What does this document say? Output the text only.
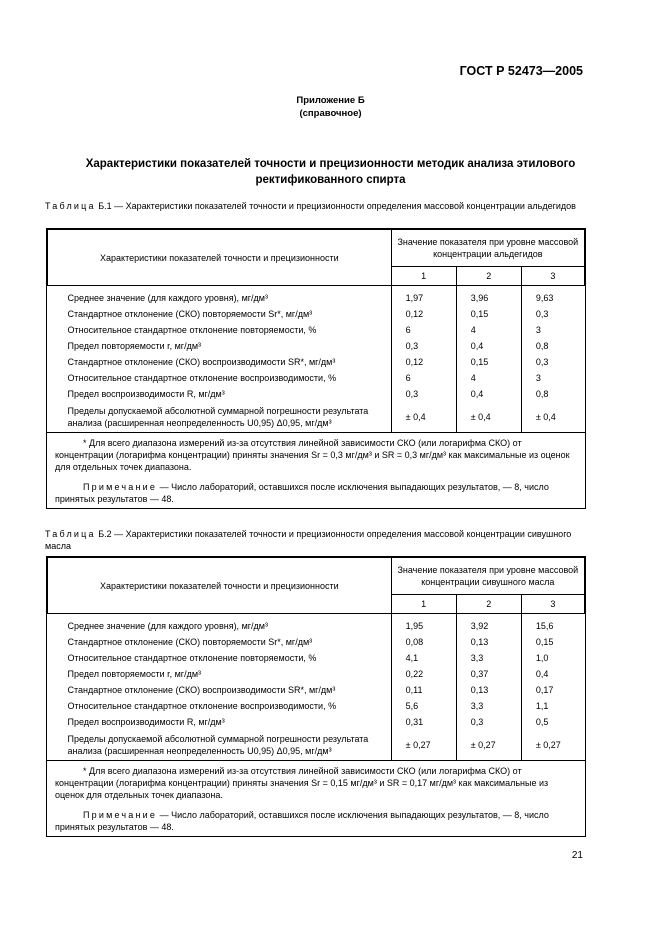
ГОСТ Р 52473—2005
Приложение Б
(справочное)
Характеристики показателей точности и прецизионности методик анализа этилового ректификованного спирта
Таблица Б.1 — Характеристики показателей точности и прецизионности определения массовой концентрации альдегидов
Характеристики показателей точности и прецизионности	Значение показателя при уровне массовой концентрации альдегидов		
	1	2	3
Среднее значение (для каждого уровня), мг/дм³	1,97	3,96	9,63
Стандартное отклонение (СКО) повторяемости Sr*, мг/дм³	0,12	0,15	0,3
Относительное стандартное отклонение повторяемости, %	6	4	3
Предел повторяемости r, мг/дм³	0,3	0,4	0,8
Стандартное отклонение (СКО) воспроизводимости SR*, мг/дм³	0,12	0,15	0,3
Относительное стандартное отклонение воспроизводимости, %	6	4	3
Предел воспроизводимости R, мг/дм³	0,3	0,4	0,8
Пределы допускаемой абсолютной суммарной погрешности результата анализа (расширенная неопределенность U0,95) Δ0,95, мг/дм³	± 0,4	± 0,4	± 0,4

* Для всего диапазона измерений из-за отсутствия линейной зависимости СКО (или логарифма СКО) от концентрации (логарифма концентрации) приняты значения Sr = 0,3 мг/дм³ и SR = 0,3 мг/дм³ как максимальные из оценок для отдельных точек диапазона.

Примечание — Число лабораторий, оставшихся после исключения выпадающих результатов, — 8, число принятых результатов — 48.

Таблица Б.2 — Характеристики показателей точности и прецизионности определения массовой концентрации сивушного масла
Характеристики показателей точности и прецизионности	Значение показателя при уровне массовой концентрации сивушного масла		
	1	2	3
Среднее значение (для каждого уровня), мг/дм³	1,95	3,92	15,6
Стандартное отклонение (СКО) повторяемости Sr*, мг/дм³	0,08	0,13	0,15
Относительное стандартное отклонение повторяемости, %	4,1	3,3	1,0
Предел повторяемости r, мг/дм³	0,22	0,37	0,4
Стандартное отклонение (СКО) воспроизводимости SR*, мг/дм³	0,11	0,13	0,17
Относительное стандартное отклонение воспроизводимости, %	5,6	3,3	1,1
Предел воспроизводимости R, мг/дм³	0,31	0,3	0,5
Пределы допускаемой абсолютной суммарной погрешности результата анализа (расширенная неопределенность U0,95) Δ0,95, мг/дм³	± 0,27	± 0,27	± 0,27

* Для всего диапазона измерений из-за отсутствия линейной зависимости СКО (или логарифма СКО) от концентрации (логарифма концентрации) приняты значения Sr = 0,15 мг/дм³ и SR = 0,17 мг/дм³ как максимальные из оценок для отдельных точек диапазона.

Примечание — Число лабораторий, оставшихся после исключения выпадающих результатов, — 8, число принятых результатов — 48.

21
